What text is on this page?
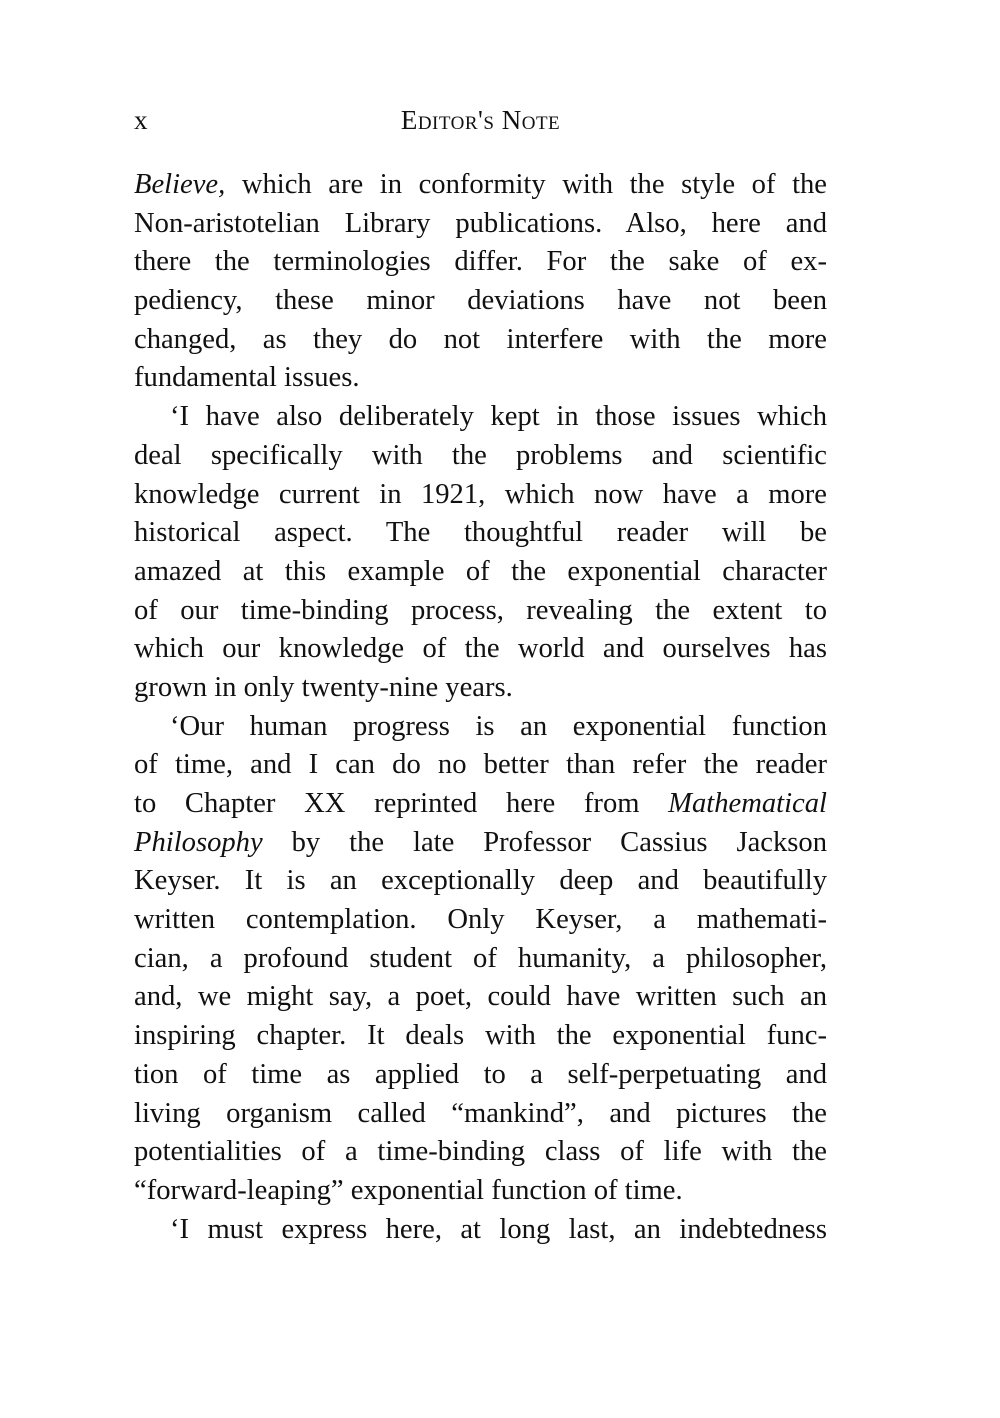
x	Editor's Note
Believe, which are in conformity with the style of the
Non-aristotelian Library publications. Also, here and
there the terminologies differ. For the sake of ex-
pediency, these minor deviations have not been
changed, as they do not interfere with the more
fundamental issues.
‘I have also deliberately kept in those issues which
deal specifically with the problems and scientific
knowledge current in 1921, which now have a more
historical aspect. The thoughtful reader will be
amazed at this example of the exponential character
of our time-binding process, revealing the extent to
which our knowledge of the world and ourselves has
grown in only twenty-nine years.
‘Our human progress is an exponential function
of time, and I can do no better than refer the reader
to Chapter XX reprinted here from Mathematical
Philosophy by the late Professor Cassius Jackson
Keyser. It is an exceptionally deep and beautifully
written contemplation. Only Keyser, a mathemati-
cian, a profound student of humanity, a philosopher,
and, we might say, a poet, could have written such an
inspiring chapter. It deals with the exponential func-
tion of time as applied to a self-perpetuating and
living organism called “mankind”, and pictures the
potentialities of a time-binding class of life with the
“forward-leaping” exponential function of time.
‘I must express here, at long last, an indebtedness
